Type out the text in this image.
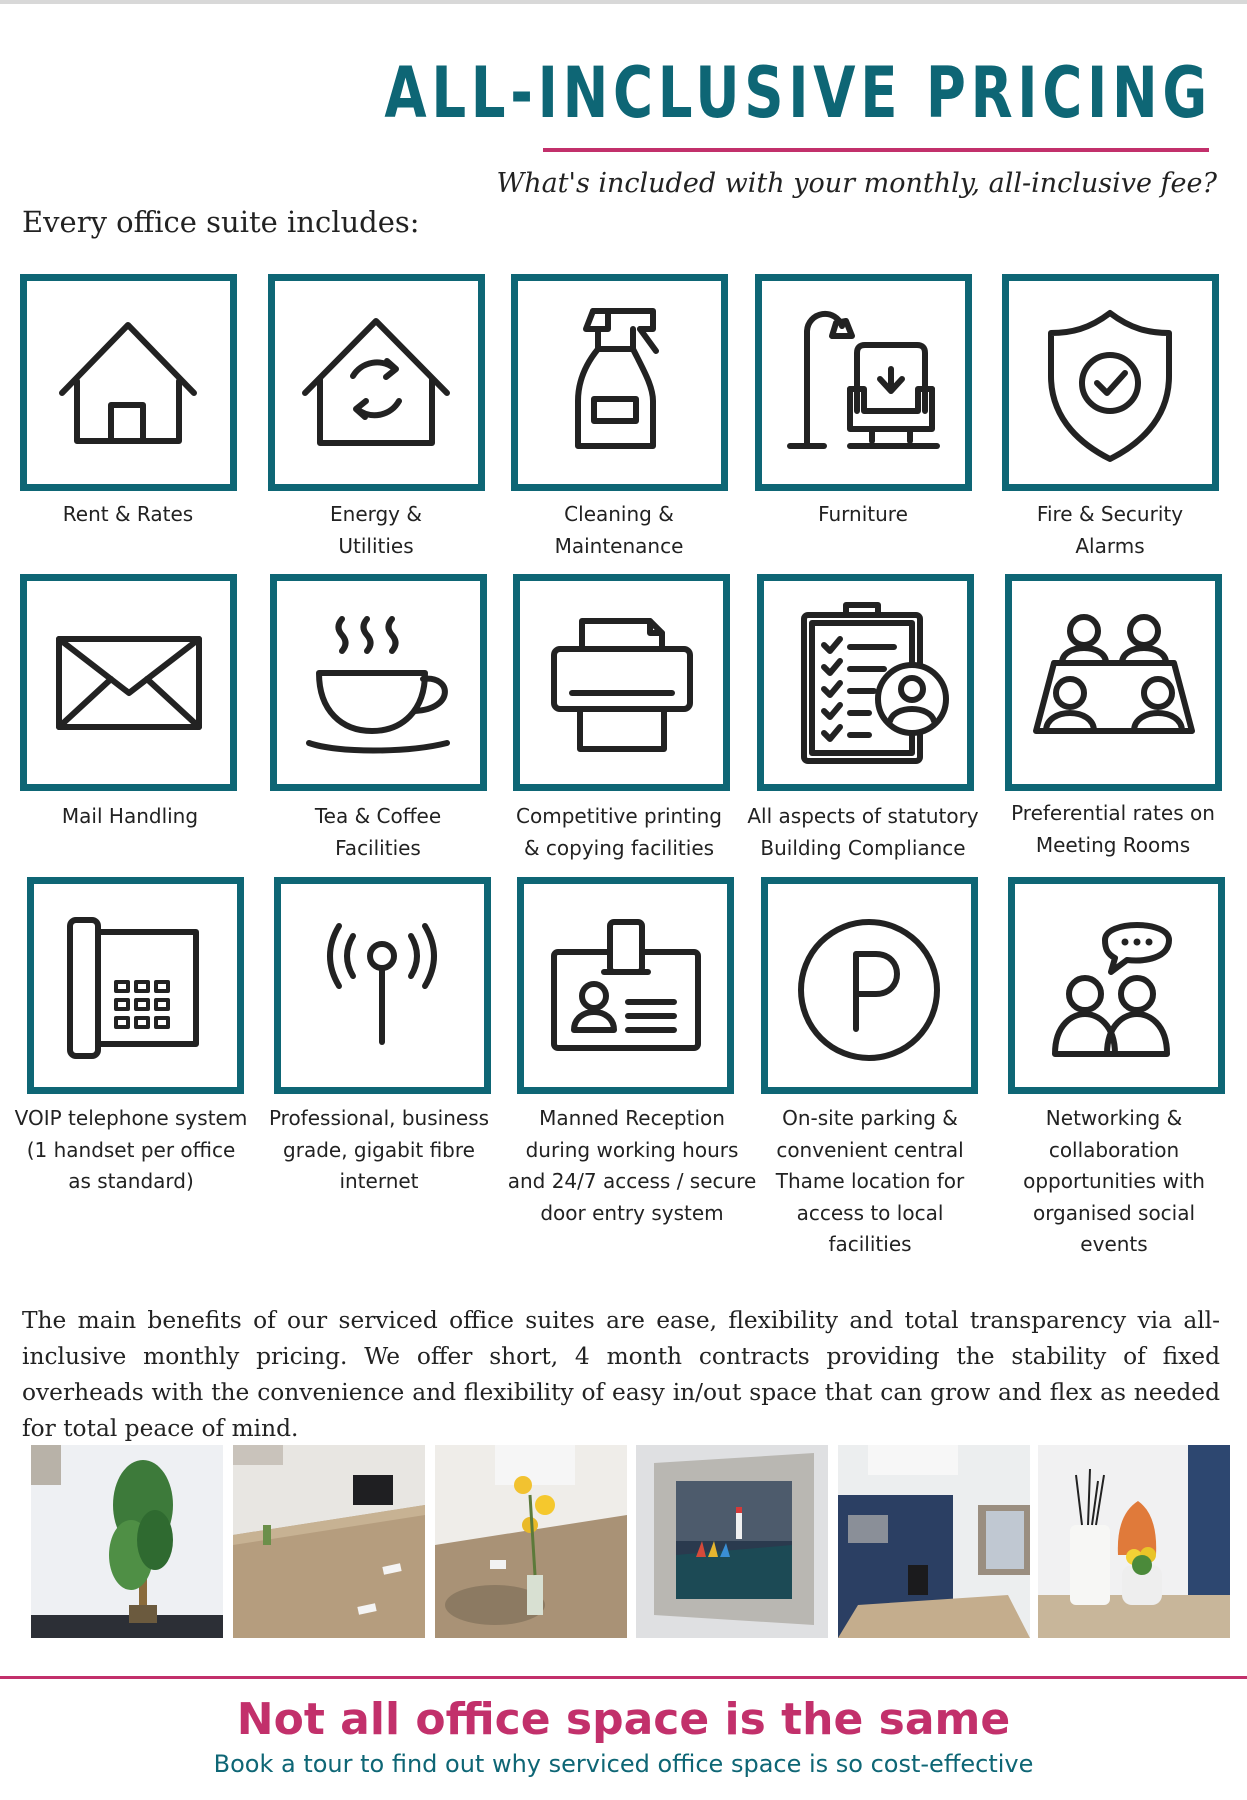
ALL-INCLUSIVE PRICING
What's included with your monthly, all-inclusive fee?
Every office suite includes:
Rent & Rates	Energy &
Utilities
Cleaning &
Maintenance
Furniture	Fire & Security
Alarms
Mail Handling	Tea & Coffee
Facilities
Competitive printing
& copying facilities
All aspects of statutory
Building Compliance
Preferential rates on
Meeting Rooms
VOIP telephone system
(1 handset per office
as standard)
Professional, business
grade, gigabit fibre
internet
Manned Reception
during working hours
and 24/7 access / secure
door entry system
On-site parking &
convenient central
Thame location for
access to local
facilities
Networking &
collaboration
opportunities with
organised social
events
The main benefits of our serviced office suites are ease, flexibility and total transparency via all-inclusive monthly pricing. We offer short, 4 month contracts providing the stability of fixed overheads with the convenience and flexibility of easy in/out space that can grow and flex as needed for total peace of mind.
Not all office space is the same
Book a tour to find out why serviced office space is so cost-effective
